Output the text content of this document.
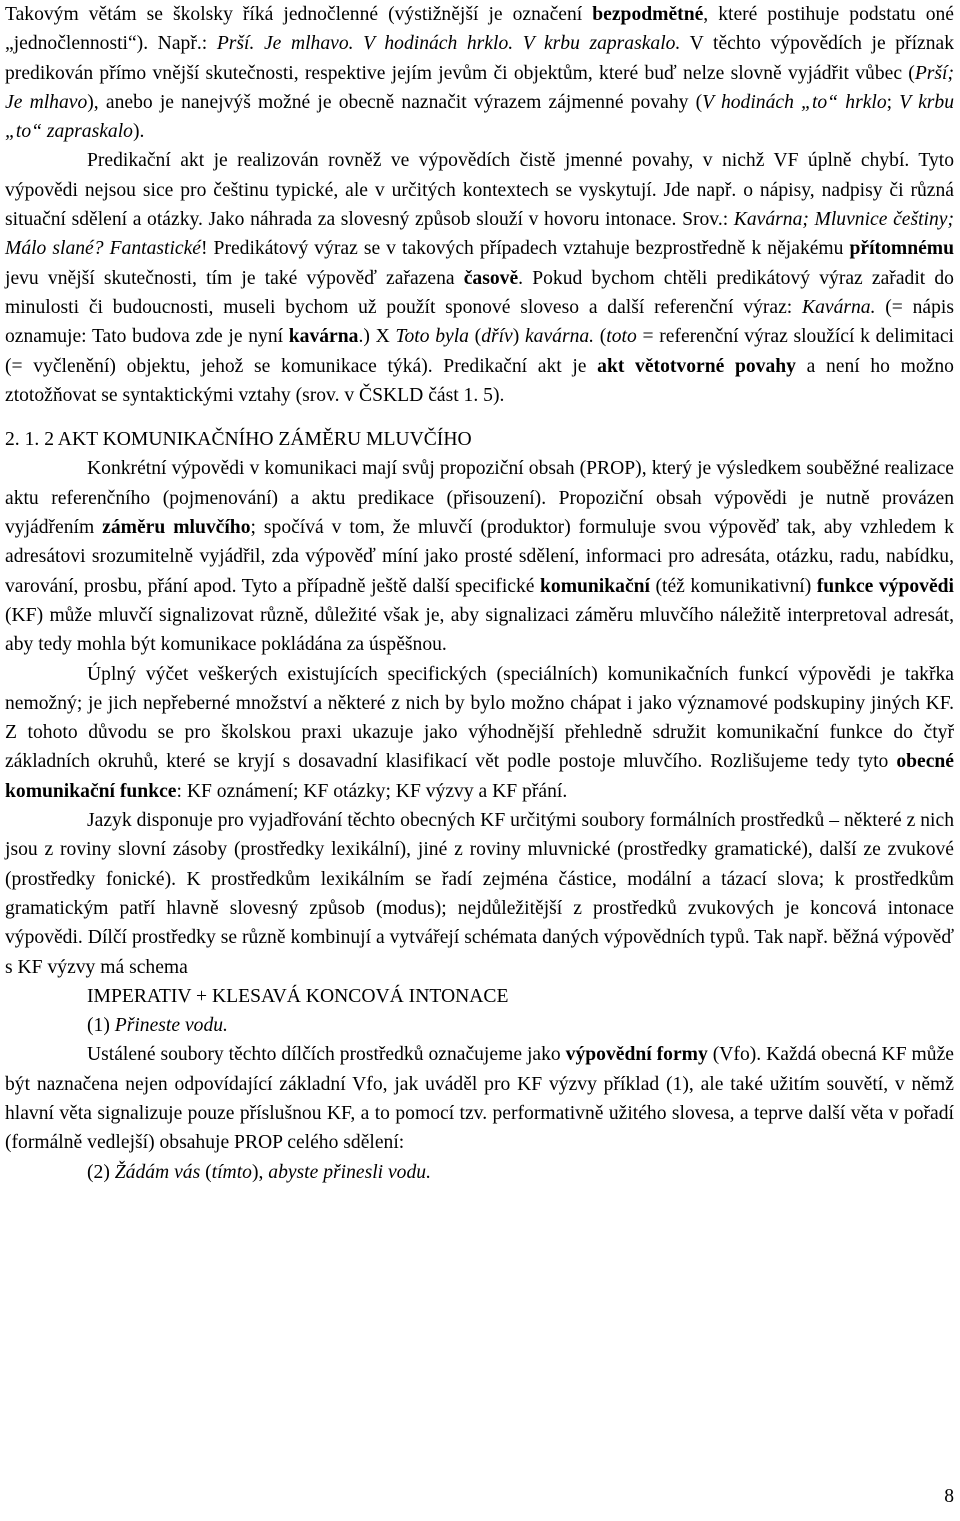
Takovým větám se školsky říká jednočlenné (výstižnější je označení bezpodmětné, které postihuje podstatu oné „jednočlennosti“). Např.: Prší. Je mlhavo. V hodinách hrklo. V krbu zapraskalo. V těchto výpovědích je příznak predikován přímo vnější skutečnosti, respektive jejím jevům či objektům, které buď nelze slovně vyjádřit vůbec (Prší; Je mlhavo), anebo je nanejvýš možné je obecně naznačit výrazem zájmenné povahy (V hodinách „to“ hrklo; V krbu „to“ zapraskalo).

Predikační akt je realizován rovněž ve výpovědích čistě jmenné povahy, v nichž VF úplně chybí. Tyto výpovědi nejsou sice pro češtinu typické, ale v určitých kontextech se vyskytují. Jde např. o nápisy, nadpisy či různá situační sdělení a otázky. Jako náhrada za slovesný způsob slouží v hovoru intonace. Srov.: Kavárna; Mluvnice češtiny; Málo slané? Fantastické! Predikátový výraz se v takových případech vztahuje bezprostředně k nějakému přítomnému jevu vnější skutečnosti, tím je také výpověď zařazena časově. Pokud bychom chtěli predikátový výraz zařadit do minulosti či budoucnosti, museli bychom už použít sponové sloveso a další referenční výraz: Kavárna. (= nápis oznamuje: Tato budova zde je nyní kavárna.) X Toto byla (dřív) kavárna. (toto = referenční výraz sloužící k delimitaci (= vyčlenění) objektu, jehož se komunikace týká). Predikační akt je akt větotvorné povahy a není ho možno ztotožňovat se syntaktickými vztahy (srov. v ČSKLD část 1. 5).

2. 1. 2 AKT KOMUNIKAČNÍHO ZÁMĚRU MLUVČÍHO

Konkrétní výpovědi v komunikaci mají svůj propoziční obsah (PROP), který je výsledkem souběžné realizace aktu referenčního (pojmenování) a aktu predikace (přisouzení). Propoziční obsah výpovědi je nutně provázen vyjádřením záměru mluvčího; spočívá v tom, že mluvčí (produktor) formuluje svou výpověď tak, aby vzhledem k adresátovi srozumitelně vyjádřil, zda výpověď míní jako prosté sdělení, informaci pro adresáta, otázku, radu, nabídku, varování, prosbu, přání apod. Tyto a případně ještě další specifické komunikační (též komunikativní) funkce výpovědi (KF) může mluvčí signalizovat různě, důležité však je, aby signalizaci záměru mluvčího náležitě interpretoval adresát, aby tedy mohla být komunikace pokládána za úspěšnou.

Úplný výčet veškerých existujících specifických (speciálních) komunikačních funkcí výpovědi je takřka nemožný; je jich nepřeberné množství a některé z nich by bylo možno chápat i jako významové podskupiny jiných KF. Z tohoto důvodu se pro školskou praxi ukazuje jako výhodnější přehledně sdružit komunikační funkce do čtyř základních okruhů, které se kryjí s dosavadní klasifikací vět podle postoje mluvčího. Rozlišujeme tedy tyto obecné komunikační funkce: KF oznámení; KF otázky; KF výzvy a KF přání.

Jazyk disponuje pro vyjadřování těchto obecných KF určitými soubory formálních prostředků – některé z nich jsou z roviny slovní zásoby (prostředky lexikální), jiné z roviny mluvnické (prostředky gramatické), další ze zvukové (prostředky fonické). K prostředkům lexikálním se řadí zejména částice, modální a tázací slova; k prostředkům gramatickým patří hlavně slovesný způsob (modus); nejdůležitější z prostředků zvukových je koncová intonace výpovědi. Dílčí prostředky se různě kombinují a vytvářejí schémata daných výpovědních typů. Tak např. běžná výpověď s KF výzvy má schema

IMPERATIV + KLESAVÁ KONCOVÁ INTONACE
(1) Přineste vodu.

Ustálené soubory těchto dílčích prostředků označujeme jako výpovědní formy (Vfo). Každá obecná KF může být naznačena nejen odpovídající základní Vfo, jak uváděl pro KF výzvy příklad (1), ale také užitím souvětí, v němž hlavní věta signalizuje pouze příslušnou KF, a to pomocí tzv. performativně užitého slovesa, a teprve další věta v pořadí (formálně vedlejší) obsahuje PROP celého sdělení:

(2) Žádám vás (tímto), abyste přinesli vodu.
8
